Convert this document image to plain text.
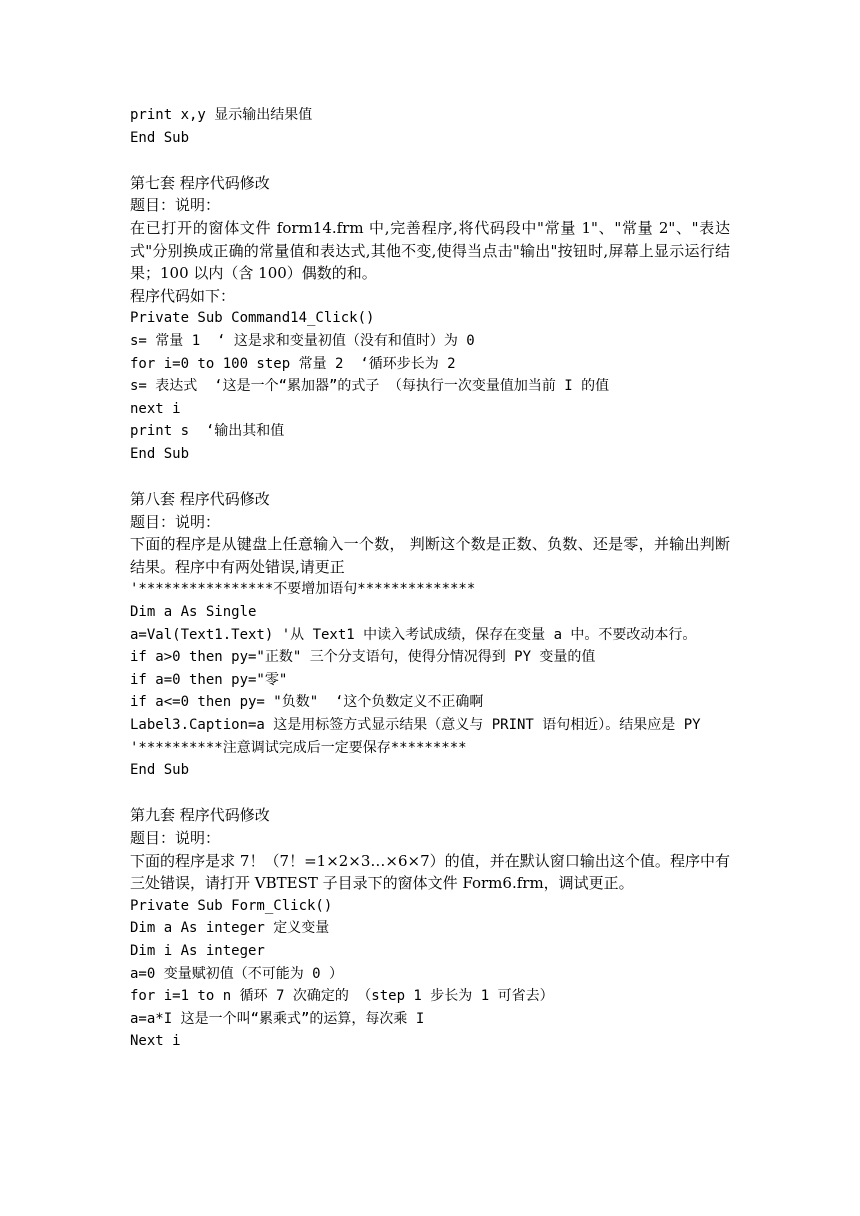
print x,y 显示输出结果值
End Sub
第七套 程序代码修改
题目：说明：
在已打开的窗体文件 form14.frm 中,完善程序,将代码段中"常量 1"、"常量 2"、"表达式"分别换成正确的常量值和表达式,其他不变,使得当点击"输出"按钮时,屏幕上显示运行结果；100 以内（含 100）偶数的和。
程序代码如下：
Private Sub Command14_Click()
s= 常量 1  ‘ 这是求和变量初值（没有和值时）为 0
for i=0 to 100 step 常量 2  ‘循环步长为 2
s= 表达式  ‘这是一个“累加器”的式子 （每执行一次变量值加当前 I 的值
next i
print s  ‘输出其和值
End Sub
第八套 程序代码修改
题目：说明：
下面的程序是从键盘上任意输入一个数， 判断这个数是正数、负数、还是零，并输出判断结果。程序中有两处错误,请更正
'****************不要增加语句**************
Dim a As Single
a=Val(Text1.Text) '从 Text1 中读入考试成绩，保存在变量 a 中。不要改动本行。
if a>0 then py="正数" 三个分支语句，使得分情况得到 PY 变量的值
if a=0 then py="零"
if a<=0 then py= "负数"  ‘这个负数定义不正确啊
Label3.Caption=a 这是用标签方式显示结果（意义与 PRINT 语句相近）。结果应是 PY
'**********注意调试完成后一定要保存*********
End Sub
第九套 程序代码修改
题目：说明：
下面的程序是求 7！（7！=1×2×3…×6×7）的值，并在默认窗口输出这个值。程序中有三处错误，请打开 VBTEST 子目录下的窗体文件 Form6.frm，调试更正。
Private Sub Form_Click()
Dim a As integer 定义变量
Dim i As integer
a=0 变量赋初值（不可能为 0 ）
for i=1 to n 循环 7 次确定的 （step 1 步长为 1 可省去）
a=a*I 这是一个叫“累乘式”的运算，每次乘 I
Next i
